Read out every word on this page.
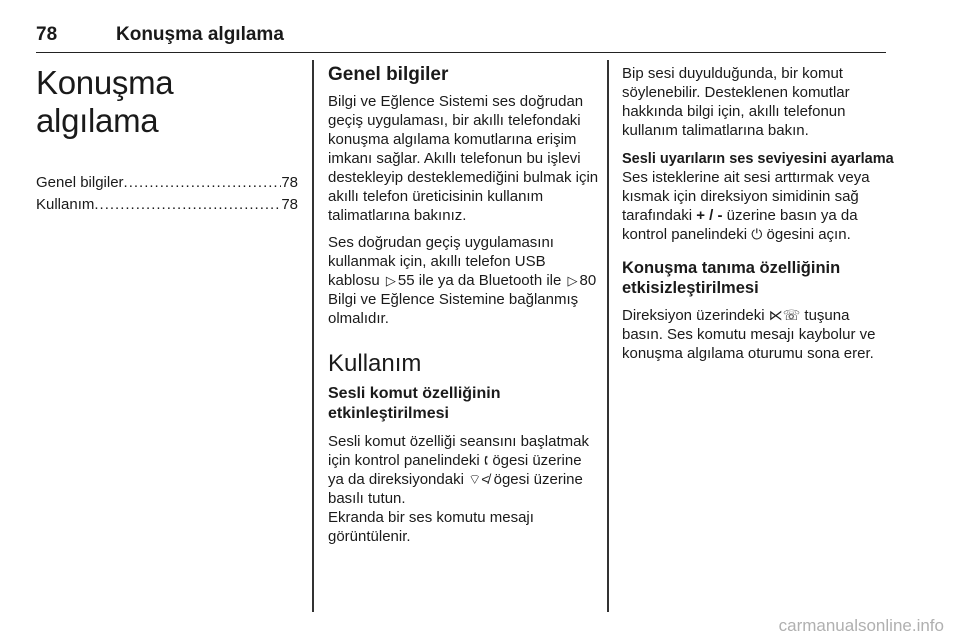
78	Konuşma algılama
Konuşma algılama
Genel bilgiler .....	78
Kullanım .....	78
Genel bilgiler

Bilgi ve Eğlence Sistemi ses doğrudan geçiş uygulaması, bir akıllı telefondaki konuşma algılama komutlarına erişim imkanı sağlar. Akıllı telefonun bu işlevi destekleyip desteklemediğini bulmak için akıllı telefon üreticisinin kullanım talimatlarına bakınız.

Ses doğrudan geçiş uygulamasını kullanmak için, akıllı telefon USB kablosu ▷ 55 ile ya da Bluetooth ile ▷ 80 Bilgi ve Eğlence Sistemine bağlanmış olmalıdır.

Kullanım
Sesli komut özelliğinin etkinleştirilmesi

Sesli komut özelliği seansını başlatmak için kontrol panelindeki 🕻︎ ögesi üzerine ya da direksiyondaki ⌔≮ ögesi üzerine basılı tutun.
Ekranda bir ses komutu mesajı görüntülenir.

Bip sesi duyulduğunda, bir komut söylenebilir. Desteklenen komutlar hakkında bilgi için, akıllı telefonun kullanım talimatlarına bakın.

Sesli uyarıların ses seviyesini ayarlama

Ses isteklerine ait sesi arttırmak veya kısmak için direksiyon simidinin sağ tarafındaki + / - üzerine basın ya da kontrol panelindeki ⏻ ögesini açın.

Konuşma tanıma özelliğinin etkisizleştirilmesi

Direksiyon üzerindeki ⋉☏ tuşuna basın. Ses komutu mesajı kaybolur ve konuşma algılama oturumu sona erer.

carmanualsonline.info
